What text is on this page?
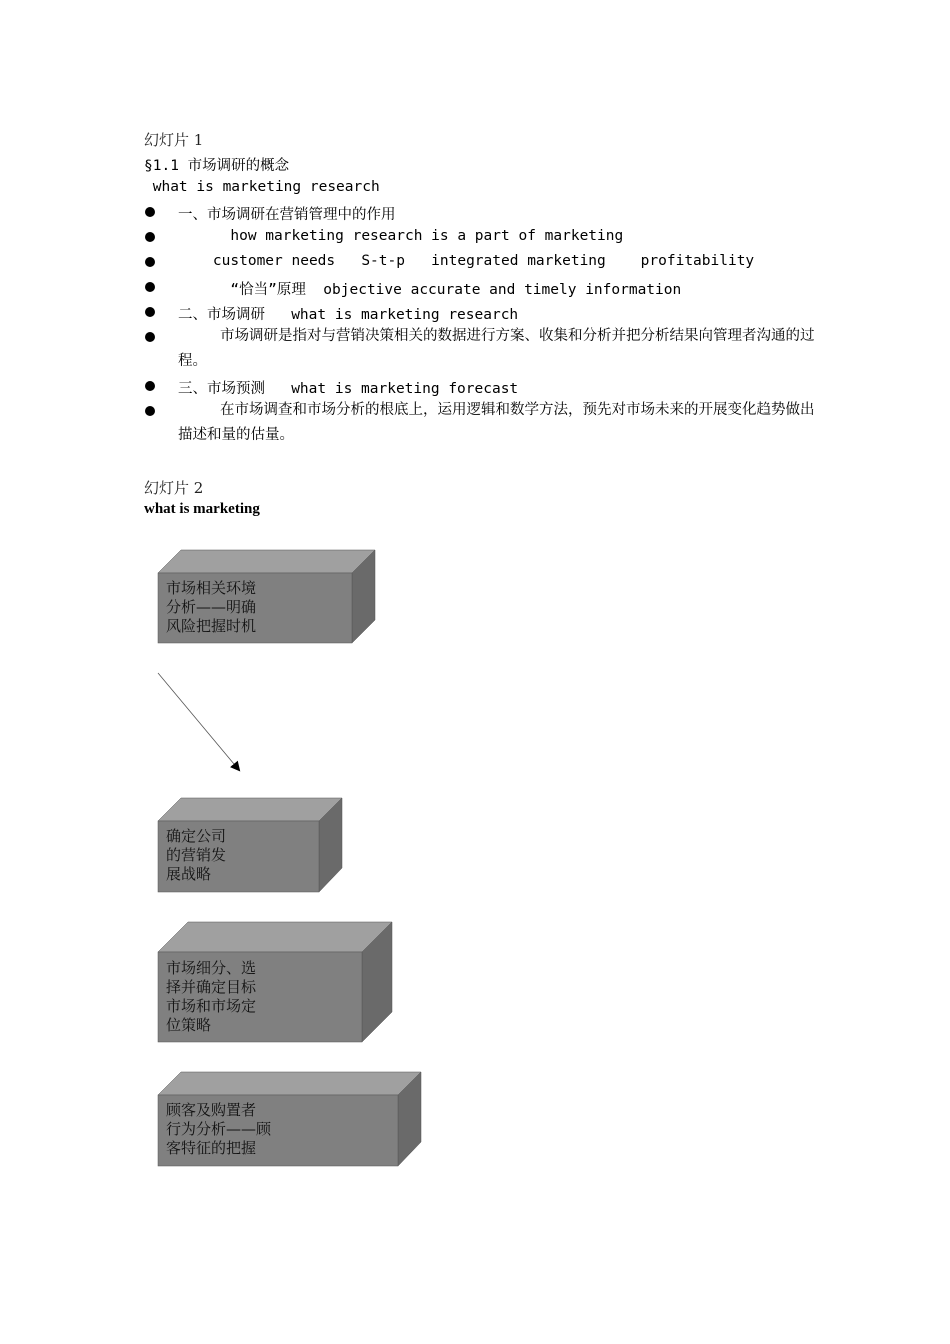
幻灯片 1
§1.1 市场调研的概念
what is marketing research
一、市场调研在营销管理中的作用
how marketing research is a part of marketing
customer needs   S-t-p   integrated marketing    profitability
“恰当”原理  objective accurate and timely information
二、市场调研   what is marketing research
市场调研是指对与营销决策相关的数据进行方案、收集和分析并把分析结果向管理者沟通的过程。
三、市场预测   what is marketing forecast
在市场调查和市场分析的根底上，运用逻辑和数学方法，预先对市场未来的开展变化趋势做出描述和量的估量。
幻灯片 2
what is marketing
市场相关环境
分析——明确
风险把握时机
确定公司
的营销发
展战略
市场细分、选
择并确定目标
市场和市场定
位策略
顾客及购置者
行为分析——顾
客特征的把握
